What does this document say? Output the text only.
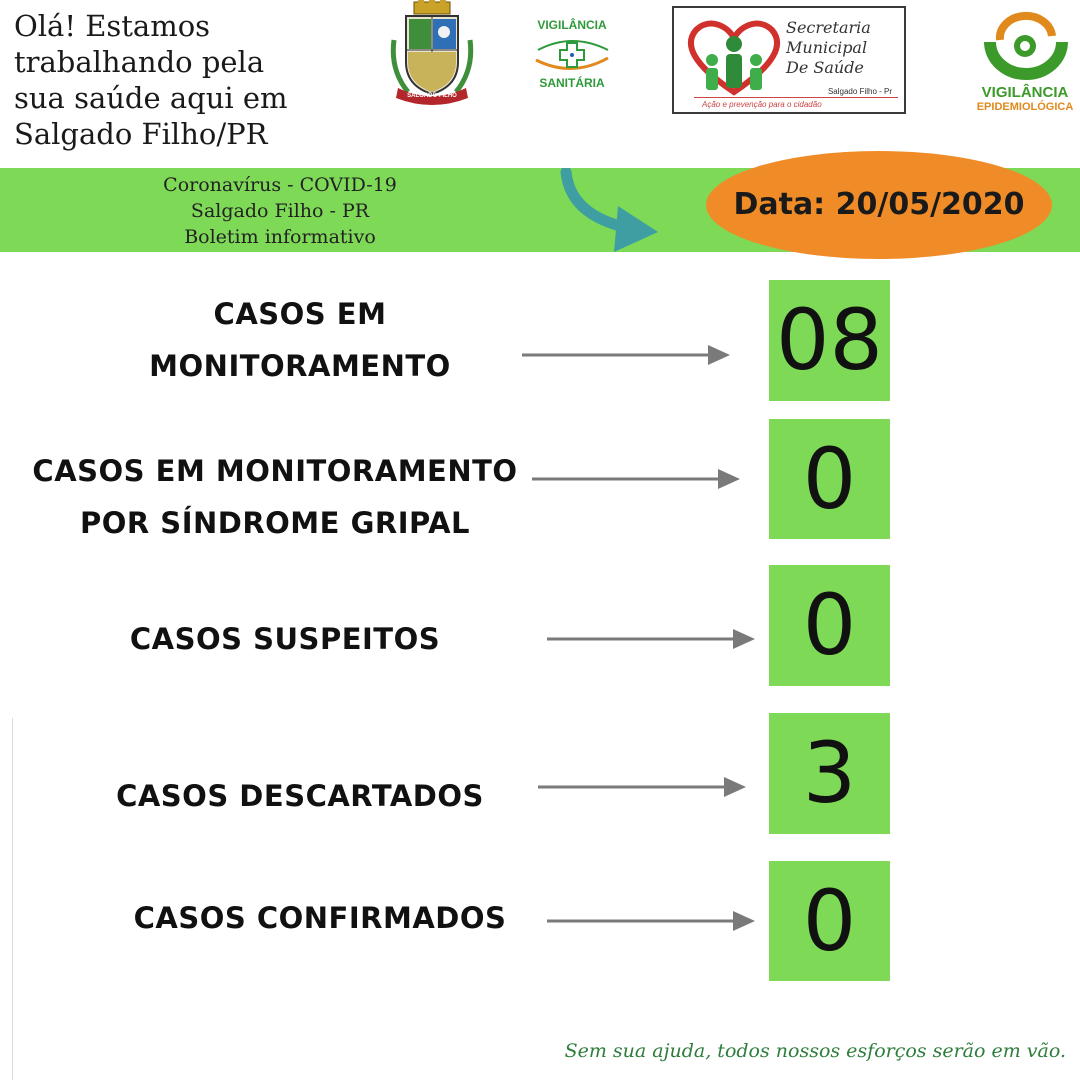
Olá! Estamos
trabalhando pela
sua saúde aqui em
Salgado Filho/PR
SALGADO FILHO
VIGILÂNCIA
SANITÁRIA
Secretaria
Municipal
De Saúde
Salgado Filho - Pr
Ação e prevenção para o cidadão
VIGILÂNCIA
EPIDEMIOLÓGICA
Coronavírus - COVID-19
Salgado Filho - PR
Boletim informativo
Data: 20/05/2020
CASOS EM
MONITORAMENTO	08
CASOS EM MONITORAMENTO
POR SÍNDROME GRIPAL	0
CASOS SUSPEITOS	0
CASOS DESCARTADOS	3
CASOS CONFIRMADOS	0
Sem sua ajuda, todos nossos esforços serão em vão.
